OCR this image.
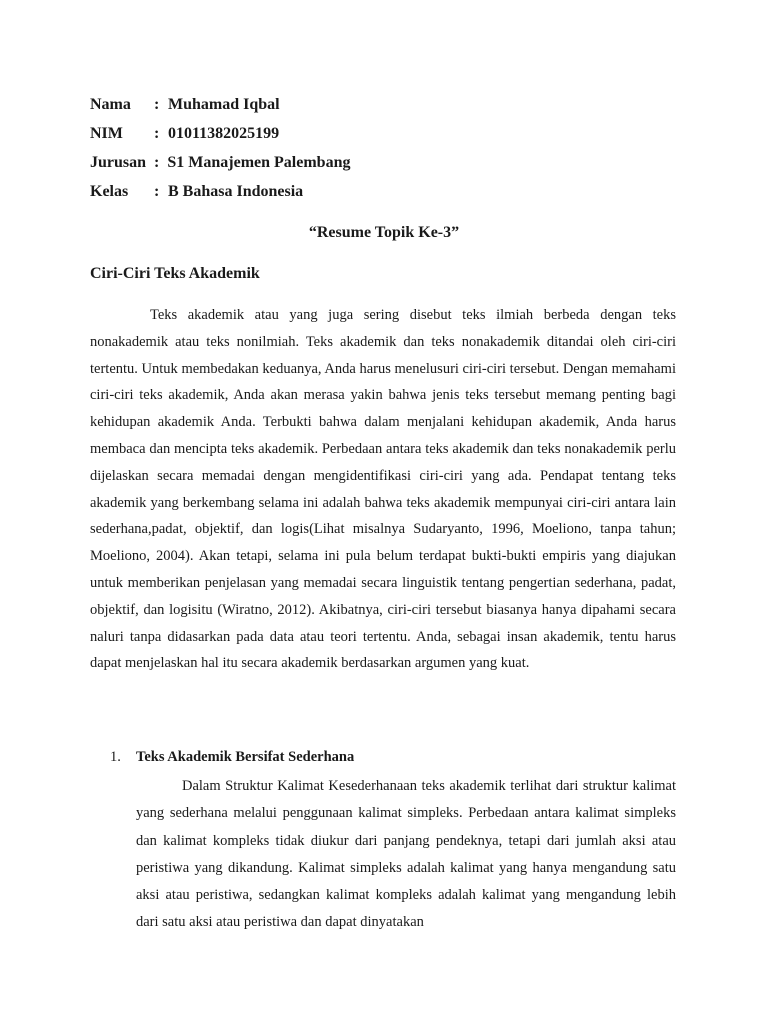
Nama : Muhamad Iqbal
NIM : 01011382025199
Jurusan : S1 Manajemen Palembang
Kelas : B Bahasa Indonesia
“Resume Topik Ke-3”
Ciri-Ciri Teks Akademik

Teks akademik atau yang juga sering disebut teks ilmiah berbeda dengan teks nonakademik atau teks nonilmiah. Teks akademik dan teks nonakademik ditandai oleh ciri-ciri tertentu. Untuk membedakan keduanya, Anda harus menelusuri ciri-ciri tersebut. Dengan memahami ciri-ciri teks akademik, Anda akan merasa yakin bahwa jenis teks tersebut memang penting bagi kehidupan akademik Anda. Terbukti bahwa dalam menjalani kehidupan akademik, Anda harus membaca dan mencipta teks akademik. Perbedaan antara teks akademik dan teks nonakademik perlu dijelaskan secara memadai dengan mengidentifikasi ciri-ciri yang ada. Pendapat tentang teks akademik yang berkembang selama ini adalah bahwa teks akademik mempunyai ciri-ciri antara lain sederhana,padat, objektif, dan logis(Lihat misalnya Sudaryanto, 1996, Moeliono, tanpa tahun; Moeliono, 2004). Akan tetapi, selama ini pula belum terdapat bukti-bukti empiris yang diajukan untuk memberikan penjelasan yang memadai secara linguistik tentang pengertian sederhana, padat, objektif, dan logisitu (Wiratno, 2012). Akibatnya, ciri-ciri tersebut biasanya hanya dipahami secara naluri tanpa didasarkan pada data atau teori tertentu. Anda, sebagai insan akademik, tentu harus dapat menjelaskan hal itu secara akademik berdasarkan argumen yang kuat.

1. Teks Akademik Bersifat Sederhana

Dalam Struktur Kalimat Kesederhanaan teks akademik terlihat dari struktur kalimat yang sederhana melalui penggunaan kalimat simpleks. Perbedaan antara kalimat simpleks dan kalimat kompleks tidak diukur dari panjang pendeknya, tetapi dari jumlah aksi atau peristiwa yang dikandung. Kalimat simpleks adalah kalimat yang hanya mengandung satu aksi atau peristiwa, sedangkan kalimat kompleks adalah kalimat yang mengandung lebih dari satu aksi atau peristiwa dan dapat dinyatakan
